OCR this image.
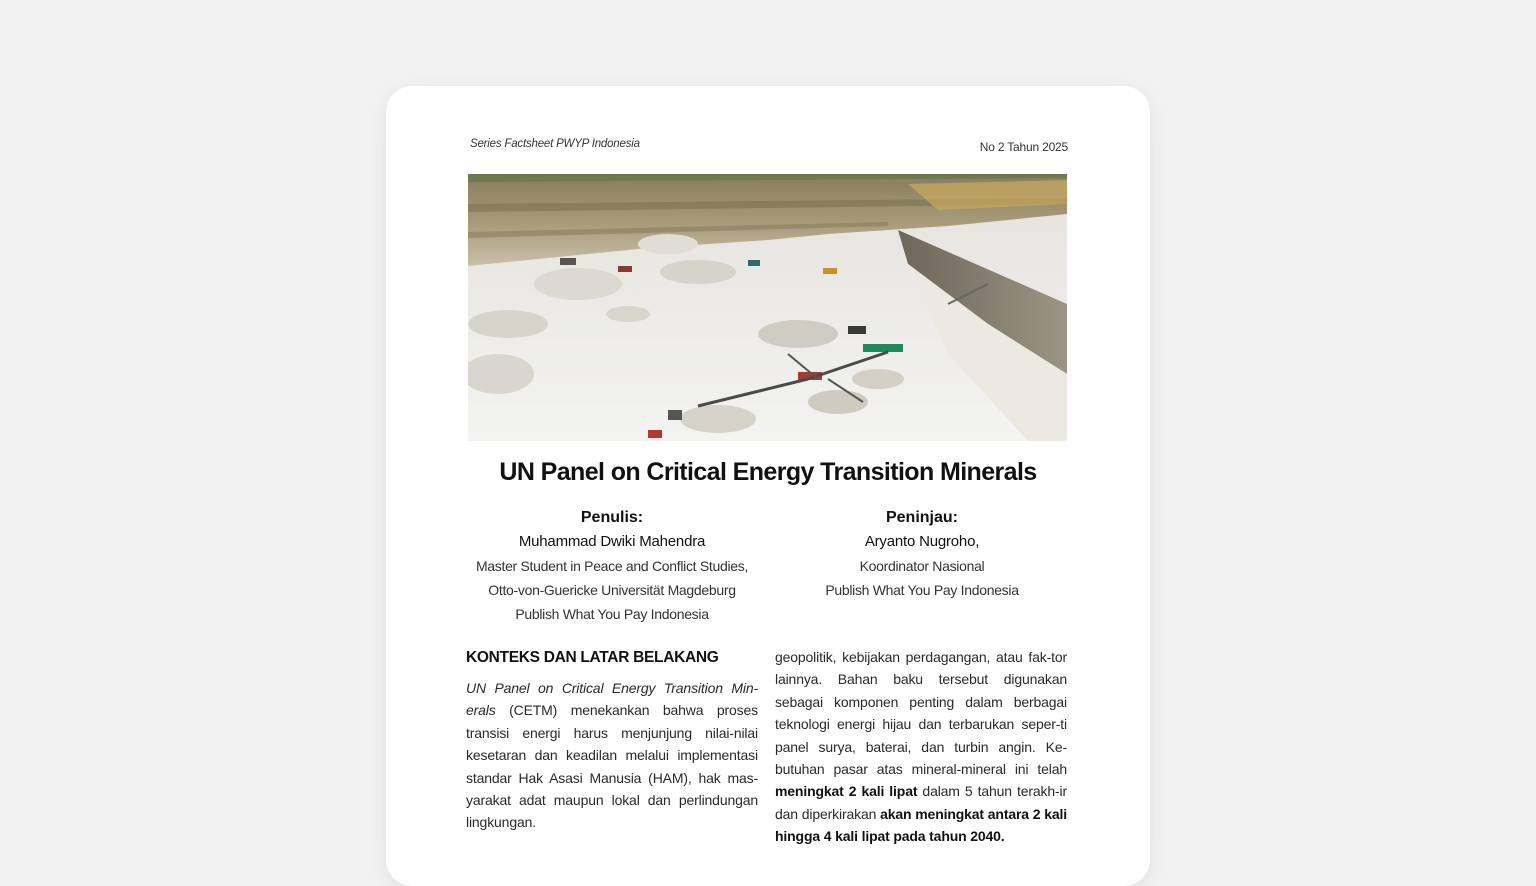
Series Factsheet PWYP Indonesia	No 2 Tahun 2025
UN Panel on Critical Energy Transition Minerals
Penulis:
Muhammad Dwiki Mahendra
Master Student in Peace and Conflict Studies,
Otto-von-Guericke Universität Magdeburg
Publish What You Pay Indonesia
Peninjau:
Aryanto Nugroho,
Koordinator Nasional
Publish What You Pay Indonesia
KONTEKS DAN LATAR BELAKANG

UN Panel on Critical Energy Transition Min-erals (CETM) menekankan bahwa proses transisi energi harus menjunjung nilai-nilai kesetaran dan keadilan melalui implementasi standar Hak Asasi Manusia (HAM), hak mas-yarakat adat maupun lokal dan perlindungan lingkungan.

geopolitik, kebijakan perdagangan, atau fak-tor lainnya. Bahan baku tersebut digunakan sebagai komponen penting dalam berbagai teknologi energi hijau dan terbarukan seper-ti panel surya, baterai, dan turbin angin. Ke-butuhan pasar atas mineral-mineral ini telah meningkat 2 kali lipat dalam 5 tahun terakh-ir dan diperkirakan akan meningkat antara 2 kali hingga 4 kali lipat pada tahun 2040.
